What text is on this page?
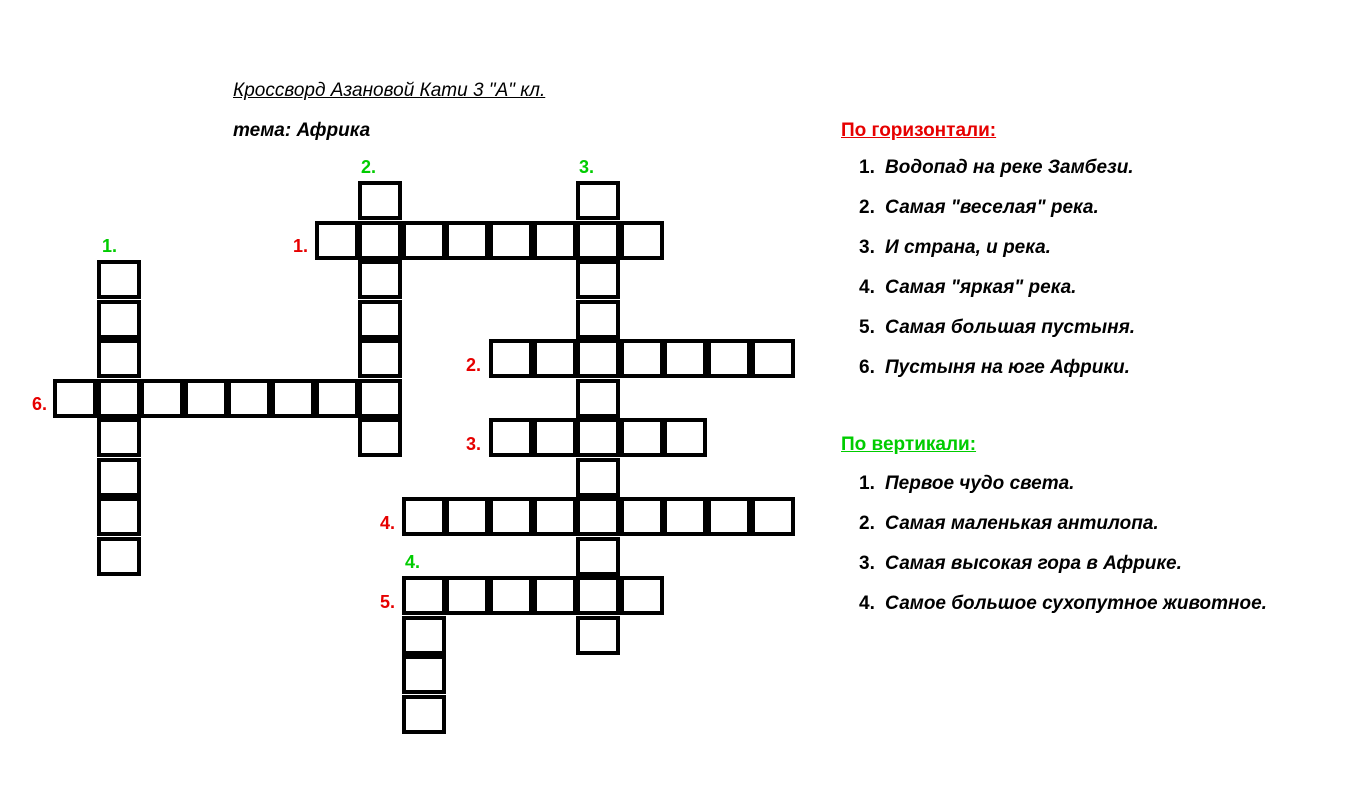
Кроссворд Азановой Кати 3 "А" кл.
тема: Африка
1.
2.
3.
4.
5.
6.
1.
2.	3.
4.
По горизонтали:
1. Водопад на реке Замбези.
2. Самая "веселая" река.
3. И страна, и река.
4. Самая "яркая" река.
5. Самая большая пустыня.
6. Пустыня на юге Африки.
По вертикали:
1. Первое чудо света.
2. Самая маленькая антилопа.
3. Самая высокая гора в Африке.
4. Самое большое сухопутное животное.
